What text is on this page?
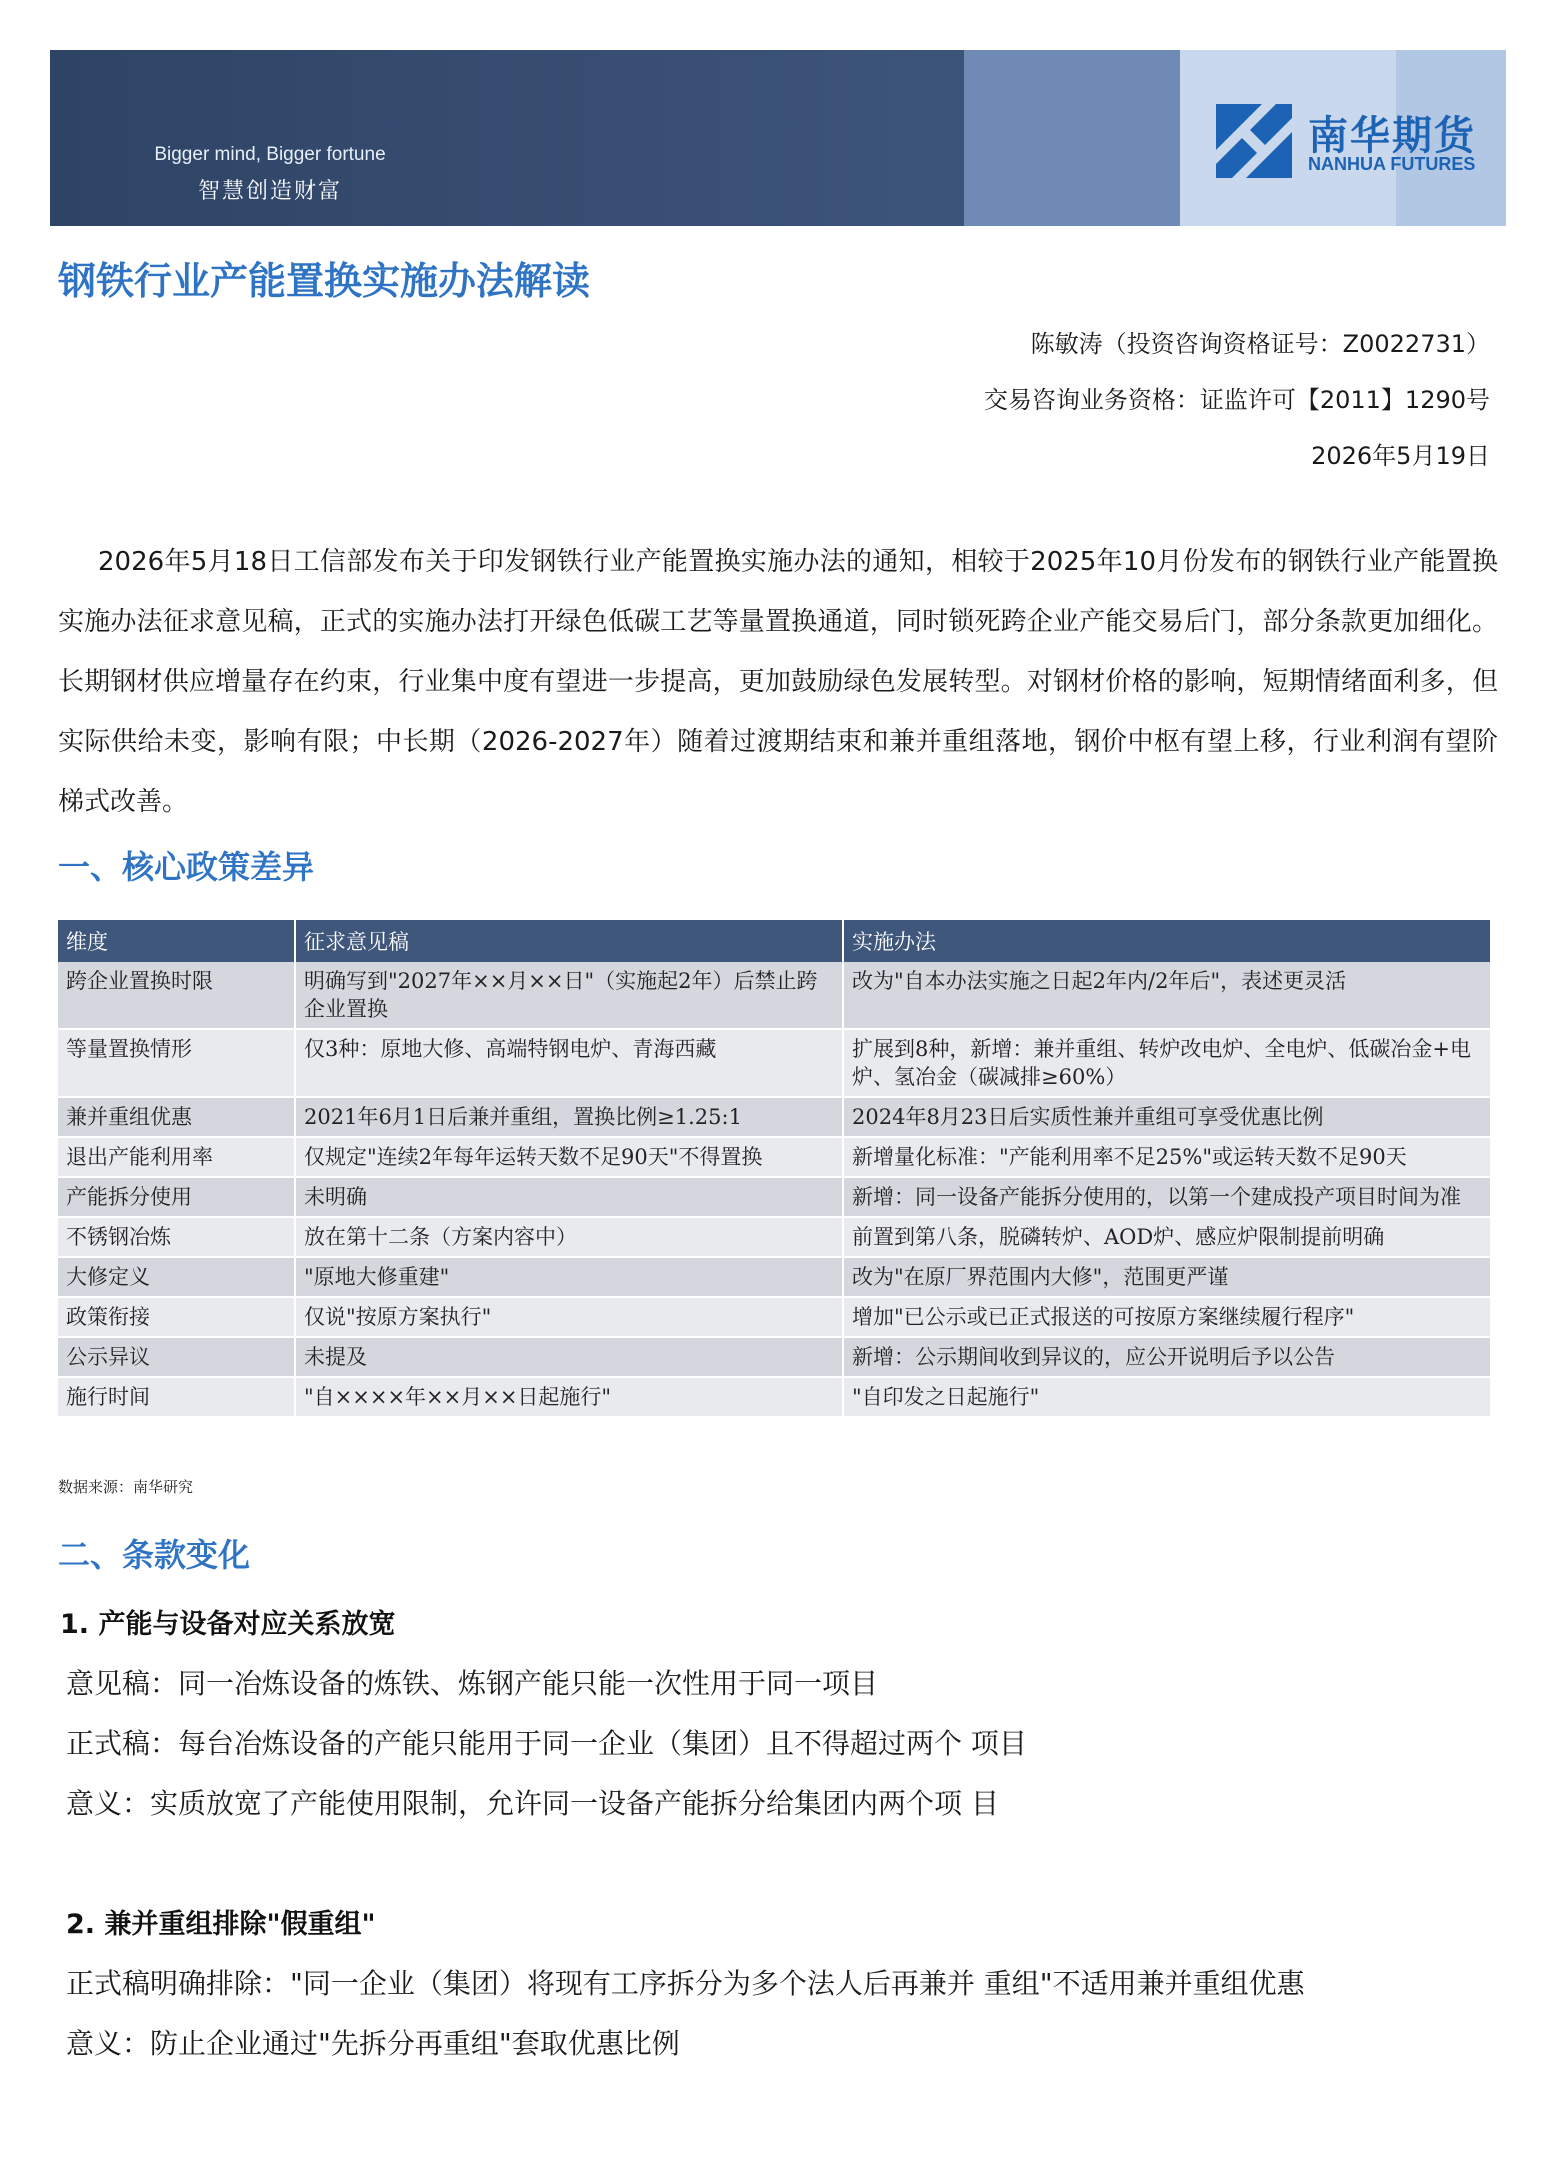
Bigger mind, Bigger fortune
智慧创造财富
南华期货
NANHUA FUTURES
钢铁行业产能置换实施办法解读
陈敏涛（投资咨询资格证号：Z0022731）
交易咨询业务资格：证监许可【2011】1290号
2026年5月19日
2026年5月18日工信部发布关于印发钢铁行业产能置换实施办法的通知，相较于2025年10月份发布的钢铁行业产能置换实施办法征求意见稿，正式的实施办法打开绿色低碳工艺等量置换通道，同时锁死跨企业产能交易后门，部分条款更加细化。长期钢材供应增量存在约束，行业集中度有望进一步提高，更加鼓励绿色发展转型。对钢材价格的影响，短期情绪面利多，但实际供给未变，影响有限；中长期（2026-2027年）随着过渡期结束和兼并重组落地，钢价中枢有望上移，行业利润有望阶梯式改善。
一、核心政策差异
维度	征求意见稿	实施办法
跨企业置换时限	明确写到"2027年××月××日"（实施起2年）后禁止跨企业置换	改为"自本办法实施之日起2年内/2年后"，表述更灵活
等量置换情形	仅3种：原地大修、高端特钢电炉、青海西藏	扩展到8种，新增：兼并重组、转炉改电炉、全电炉、低碳冶金+电炉、氢冶金（碳减排≥60%）
兼并重组优惠	2021年6月1日后兼并重组，置换比例≥1.25:1	2024年8月23日后实质性兼并重组可享受优惠比例
退出产能利用率	仅规定"连续2年每年运转天数不足90天"不得置换	新增量化标准："产能利用率不足25%"或运转天数不足90天
产能拆分使用	未明确	新增：同一设备产能拆分使用的，以第一个建成投产项目时间为准
不锈钢冶炼	放在第十二条（方案内容中）	前置到第八条，脱磷转炉、AOD炉、感应炉限制提前明确
大修定义	"原地大修重建"	改为"在原厂界范围内大修"，范围更严谨
政策衔接	仅说"按原方案执行"	增加"已公示或已正式报送的可按原方案继续履行程序"
公示异议	未提及	新增：公示期间收到异议的，应公开说明后予以公告
施行时间	"自××××年××月××日起施行"	"自印发之日起施行"
数据来源：南华研究
二、条款变化
1. 产能与设备对应关系放宽
意见稿：同一冶炼设备的炼铁、炼钢产能只能一次性用于同一项目
正式稿：每台冶炼设备的产能只能用于同一企业（集团）且不得超过两个 项目
意义：实质放宽了产能使用限制，允许同一设备产能拆分给集团内两个项 目
2. 兼并重组排除"假重组"
正式稿明确排除："同一企业（集团）将现有工序拆分为多个法人后再兼并 重组"不适用兼并重组优惠
意义：防止企业通过"先拆分再重组"套取优惠比例
